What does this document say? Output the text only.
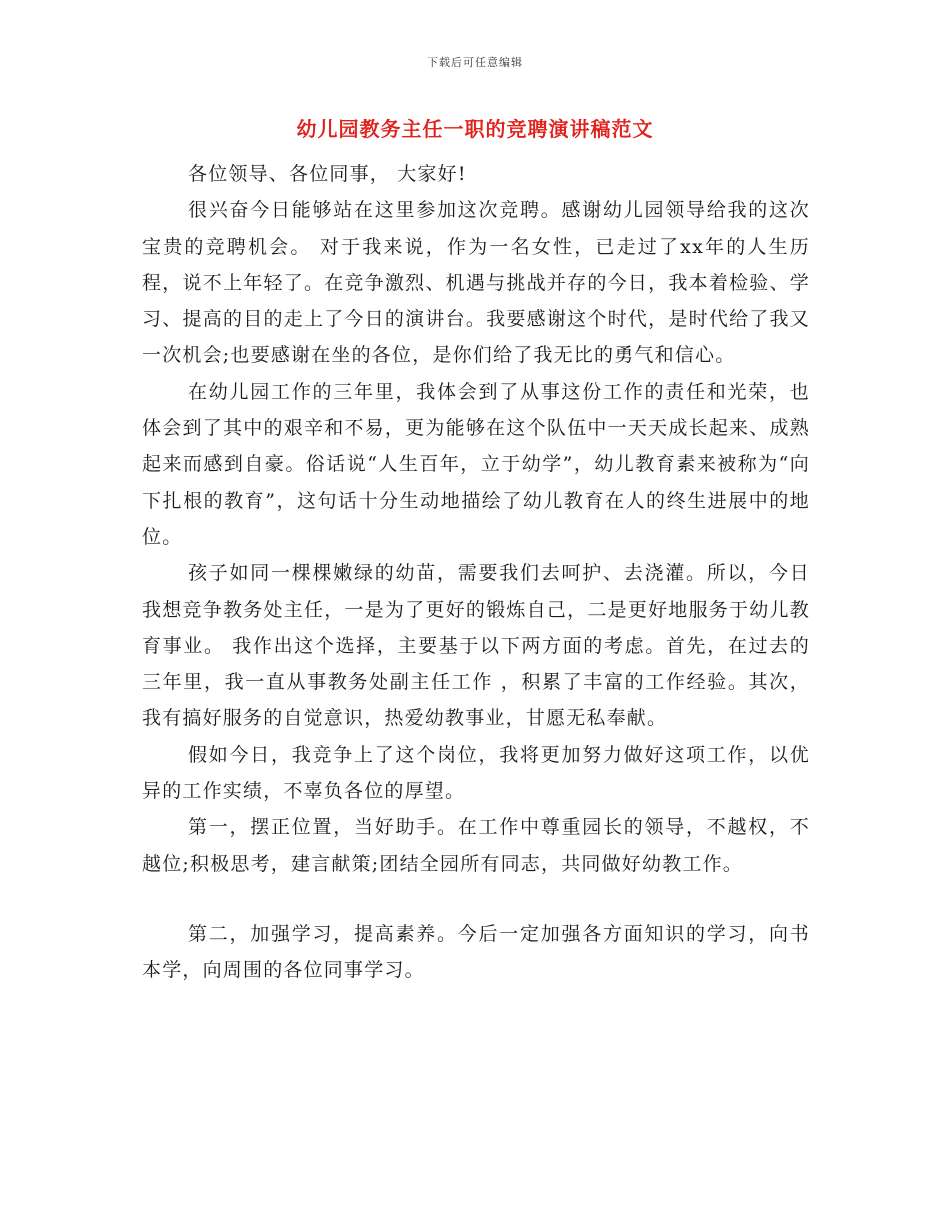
下载后可任意编辑
幼儿园教务主任一职的竞聘演讲稿范文

各位领导、各位同事， 大家好!

很兴奋今日能够站在这里参加这次竞聘。感谢幼儿园领导给我的这次宝贵的竞聘机会。 对于我来说，作为一名女性，已走过了xx年的人生历程，说不上年轻了。在竞争激烈、机遇与挑战并存的今日，我本着检验、学习、提高的目的走上了今日的演讲台。我要感谢这个时代，是时代给了我又一次机会;也要感谢在坐的各位，是你们给了我无比的勇气和信心。

在幼儿园工作的三年里，我体会到了从事这份工作的责任和光荣，也体会到了其中的艰辛和不易，更为能够在这个队伍中一天天成长起来、成熟起来而感到自豪。俗话说“人生百年，立于幼学”，幼儿教育素来被称为“向下扎根的教育”，这句话十分生动地描绘了幼儿教育在人的终生进展中的地位。

孩子如同一棵棵嫩绿的幼苗，需要我们去呵护、去浇灌。所以，今日我想竞争教务处主任，一是为了更好的锻炼自己，二是更好地服务于幼儿教育事业。 我作出这个选择，主要基于以下两方面的考虑。首先，在过去的三年里，我一直从事教务处副主任工作 ，积累了丰富的工作经验。其次， 我有搞好服务的自觉意识，热爱幼教事业，甘愿无私奉献。

假如今日，我竞争上了这个岗位，我将更加努力做好这项工作，以优异的工作实绩，不辜负各位的厚望。

第一，摆正位置，当好助手。在工作中尊重园长的领导，不越权，不越位;积极思考，建言献策;团结全园所有同志，共同做好幼教工作。

第二，加强学习，提高素养。今后一定加强各方面知识的学习，向书本学，向周围的各位同事学习。
